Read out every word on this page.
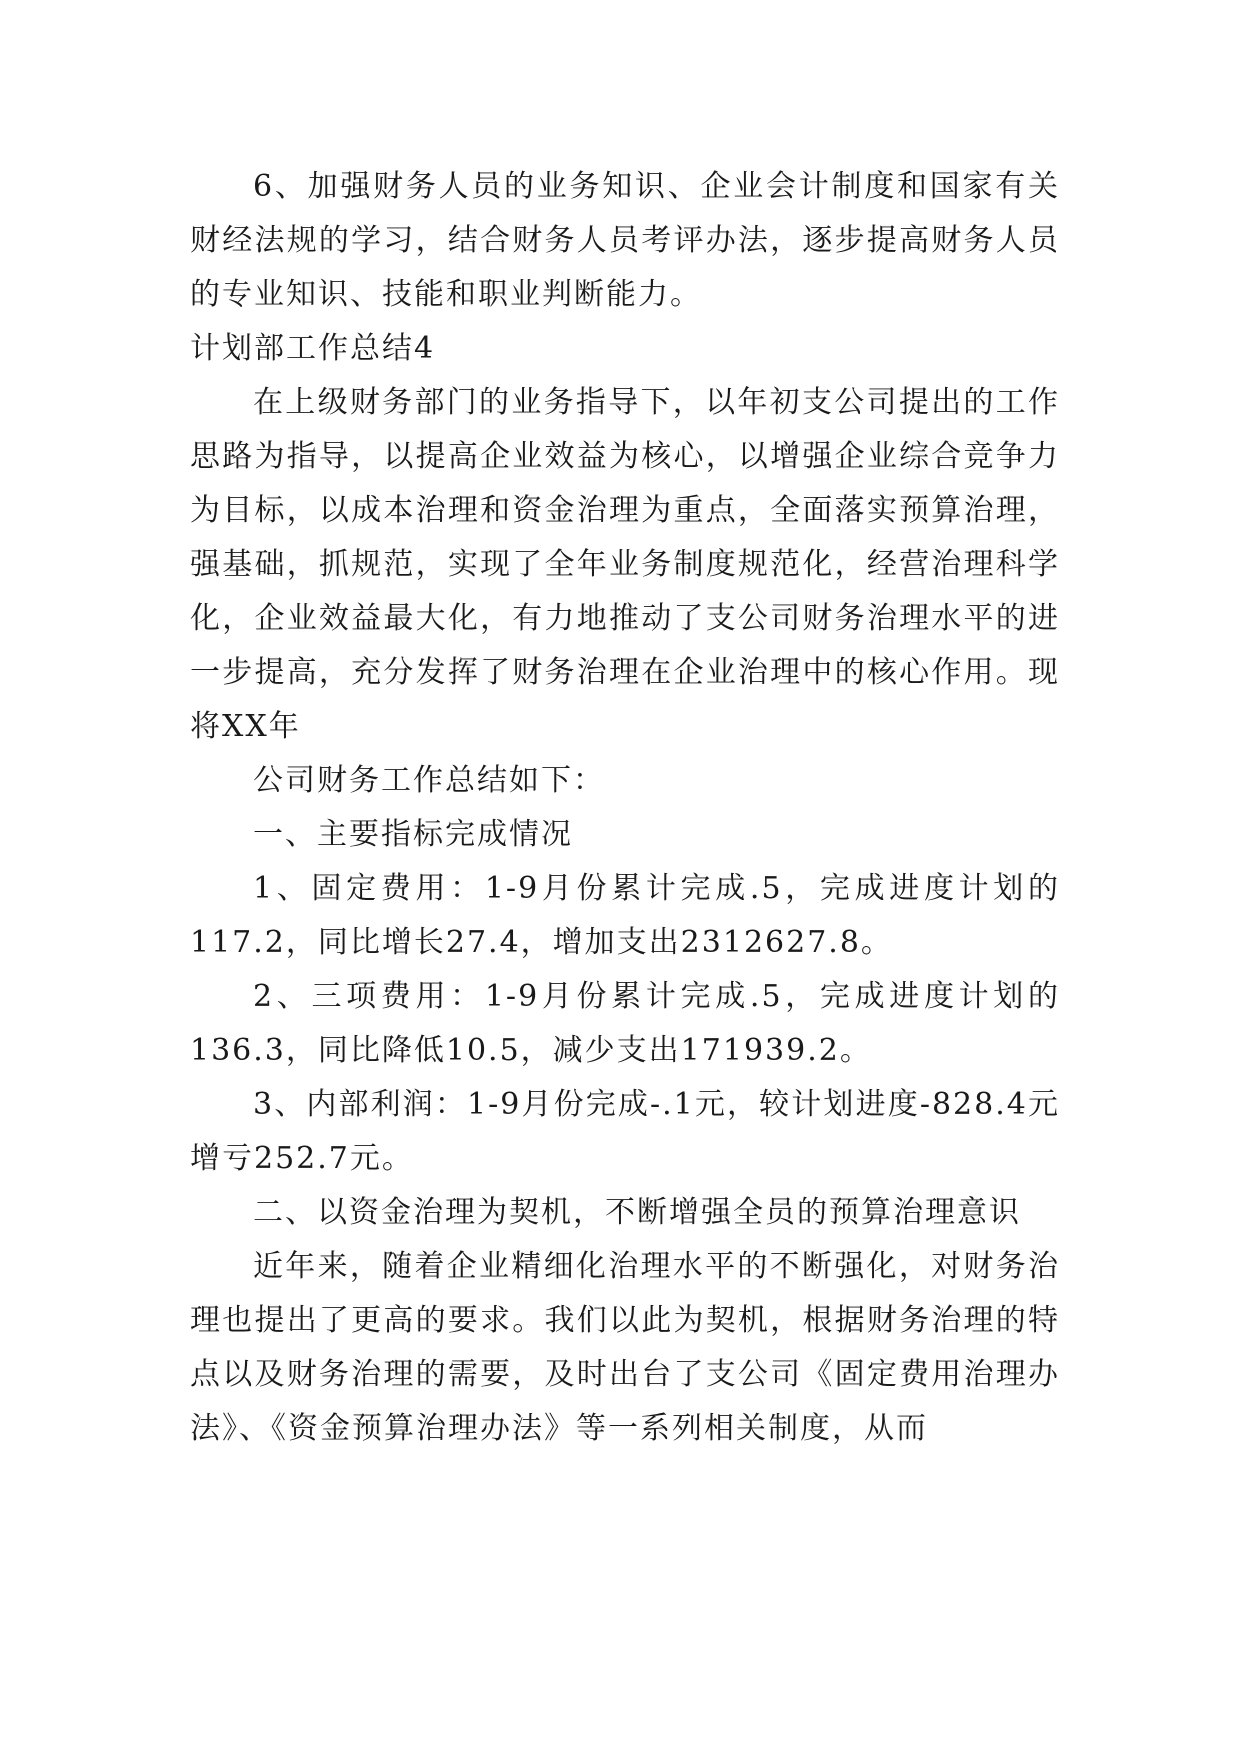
6、加强财务人员的业务知识、企业会计制度和国家有关财经法规的学习，结合财务人员考评办法，逐步提高财务人员的专业知识、技能和职业判断能力。

计划部工作总结4

在上级财务部门的业务指导下，以年初支公司提出的工作思路为指导，以提高企业效益为核心，以增强企业综合竞争力为目标，以成本治理和资金治理为重点，全面落实预算治理，强基础，抓规范，实现了全年业务制度规范化，经营治理科学化，企业效益最大化，有力地推动了支公司财务治理水平的进一步提高，充分发挥了财务治理在企业治理中的核心作用。现将XX年

公司财务工作总结如下：

一、主要指标完成情况

1、固定费用：1-9月份累计完成.5，完成进度计划的117.2，同比增长27.4，增加支出2312627.8。

2、三项费用：1-9月份累计完成.5，完成进度计划的136.3，同比降低10.5，减少支出171939.2。

3、内部利润：1-9月份完成-.1元，较计划进度-828.4元增亏252.7元。

二、以资金治理为契机，不断增强全员的预算治理意识

近年来，随着企业精细化治理水平的不断强化，对财务治理也提出了更高的要求。我们以此为契机，根据财务治理的特点以及财务治理的需要，及时出台了支公司《固定费用治理办法》、《资金预算治理办法》等一系列相关制度，从而
